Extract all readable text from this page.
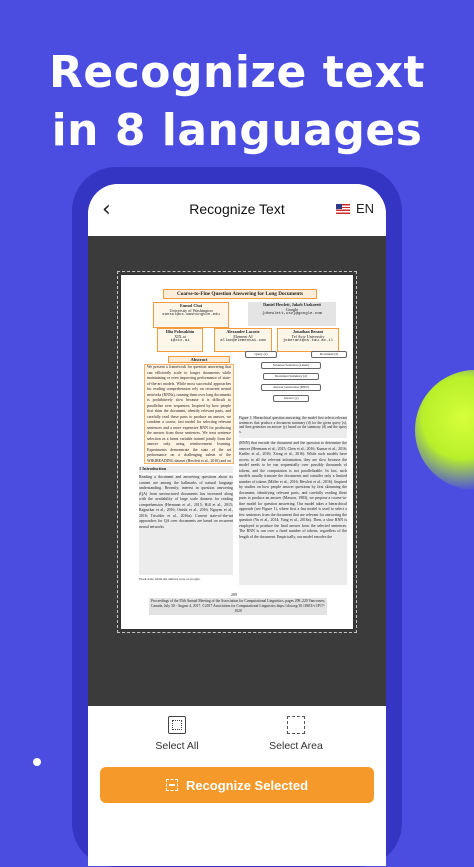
Recognize text
in 8 languages
‹	Recognize Text	EN
Coarse-to-Fine Question Answering for Long Documents
Eunsol Choi
University of Washington
eunsol@cs.washington.edu
Daniel Hewlett, Jakob Uszkoreit
Google
{dhewlett,usz}@google.com
Illia Polosukhin
XIX.ai
i@xix.ai
Alexandre Lacoste
Element AI
allac@elementai.com
Jonathan Berant
Tel Aviv University
joberant@cs.tau.ac.il
Abstract
We present a framework for question answering that can efficiently scale to longer documents while maintaining or even improving performance of state-of-the-art models. While most successful approaches for reading comprehension rely on recurrent neural networks (RNNs), running them over long documents is prohibitively slow because it is difficult to parallelize over sequences. Inspired by how people first skim the document, identify relevant parts, and carefully read these parts to produce an answer, we combine a coarse, fast model for selecting relevant sentences and a more expensive RNN for producing the answer from those sentences. We treat sentence selection as a latent variable trained jointly from the answer only using reinforcement learning. Experiments demonstrate the state of the art performance on a challenging subset of the WIKIREADING dataset (Hewlett et al., 2016) and on
1 Introduction
Reading a document and answering questions about its content are among the hallmarks of natural language understanding. Recently, interest in question answering (QA) from unstructured documents has increased along with the availability of large scale datasets for reading comprehension (Hermann et al., 2015; Hill et al., 2015; Rajpurkar et al., 2016; Onishi et al., 2016; Nguyen et al., 2016; Trischler et al., 2016a). Current state-of-the-art approaches for QA over documents are based on recurrent neural networks
Work done while the authors were at Google.
Query (x)	Document (d)
Sentence Selection (Latent)
Document Summary (d)
Answer Generation (RNN)
Answer (y)
Figure 1: Hierarchical question answering: the model first selects relevant sentences that produce a document summary (d) for the given query (x), and then generates an answer (y) based on the summary (d) and the query x.
(RNN) that encode the document and the question to determine the answer (Hermann et al., 2015; Chen et al., 2016; Kumar et al., 2016; Kadlec et al., 2016; Xiong et al., 2016). While such models have access to all the relevant information, they are slow because the model needs to be run sequentially over possibly thousands of tokens, and the computation is not parallelizable. In fact, such models usually truncate the documents and consider only a limited number of tokens (Miller et al., 2016; Hewlett et al., 2016). Inspired by studies on how people answer questions by first skimming the document, identifying relevant parts, and carefully reading these parts to produce an answer (Masson, 1983), we propose a coarse-to-fine model for question answering. Our model takes a hierarchical approach (see Figure 1), where first a fast model is used to select a few sentences from the document that are relevant for answering the question (Yu et al., 2014; Yang et al., 2016a). Then, a slow RNN is employed to produce the final answer from the selected sentences. The RNN is run over a fixed number of tokens, regardless of the length of the document. Empirically, our model encodes the
209
Proceedings of the 55th Annual Meeting of the Association for Computational Linguistics, pages 209–220 Vancouver, Canada, July 30 - August 4, 2017. ©2017 Association for Computational Linguistics https://doi.org/10.18653/v1/P17-1020
Select All	Select Area
Recognize Selected
